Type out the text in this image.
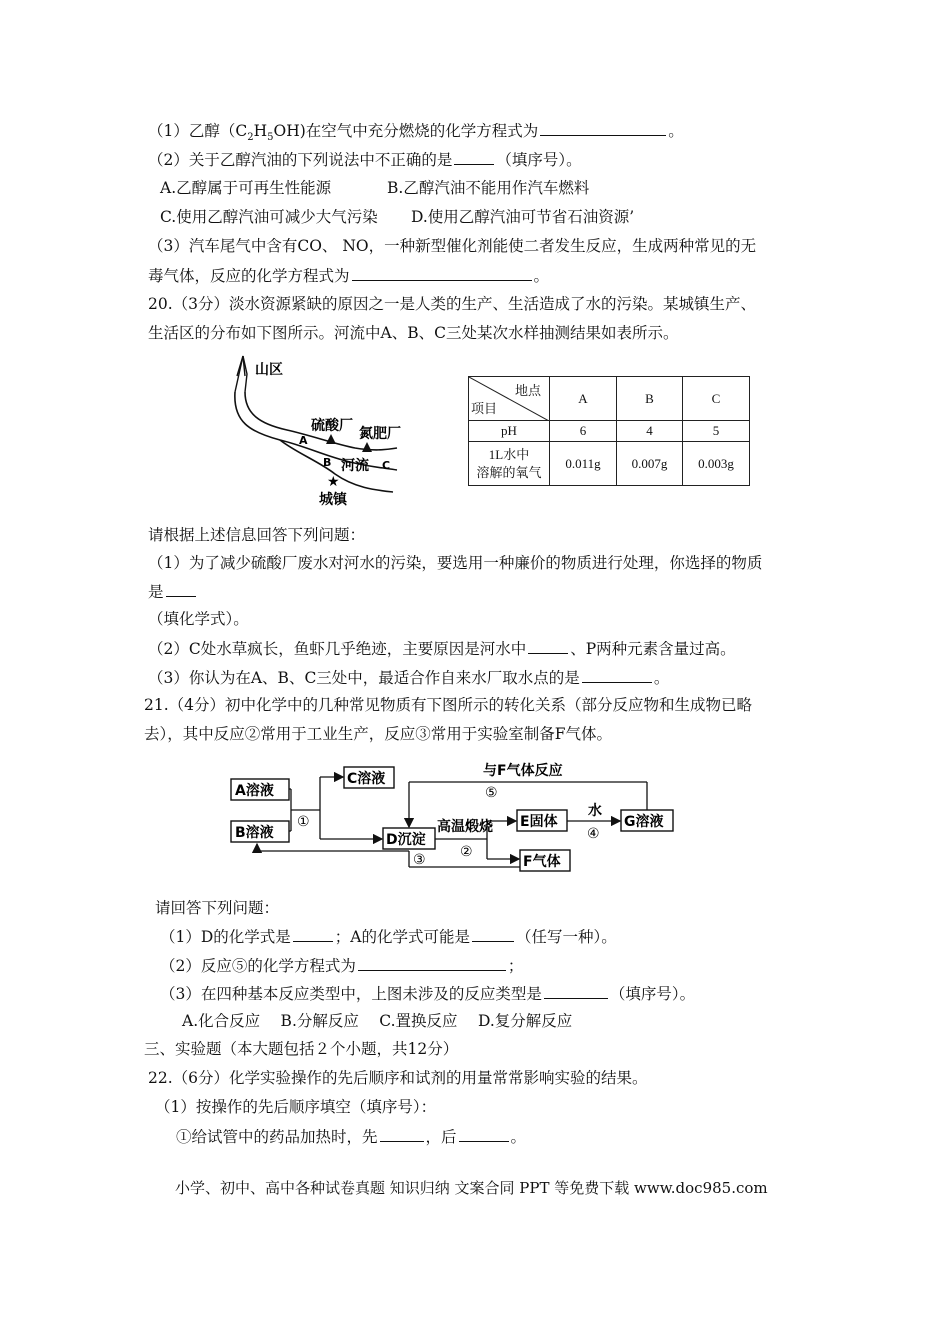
（1）乙醇$(C_2H_5OH)$在空气中充分燃烧的化学方程式为	。
（2）关于乙醇汽油的下列说法中不正确的是	（填序号）。
A.乙醇属于可再生性能源	B.乙醇汽油不能用作汽车燃料
C.使用乙醇汽油可减少大气污染 D.使用乙醇汽油可节省石油资源’
（3）汽车尾气中含有CO、 NO，一种新型催化剂能使二者发生反应，生成两种常见的无
毒气体，反应的化学方程式为	。
20.（3分）淡水资源紧缺的原因之一是人类的生产、生活造成了水的污染。某城镇生产、
生活区的分布如下图所示。河流中A、B、C三处某次水样抽测结果如表所示。
山区
硫酸厂 氮肥厂
A
B 河流 C
★
城镇
地点
项目	A	B	C
pH	6	4	5

1L水中
溶解的氧气	0.011g	0.007g	0.003g
请根据上述信息回答下列问题：
（1）为了减少硫酸厂废水对河水的污染，要选用一种廉价的物质进行处理，你选择的物质
是
（填化学式）。
（2）C处水草疯长，鱼虾几乎绝迹，主要原因是河水中	、P两种元素含量过高。
（3）你认为在A、B、C三处中，最适合作自来水厂取水点的是	。
21.（4分）初中化学中的几种常见物质有下图所示的转化关系（部分反应物和生成物已略
去），其中反应②常用于工业生产，反应③常用于实验室制备F气体。
A溶液
B溶液
C溶液
D沉淀
E固体
F气体
G溶液
①	高温煅烧
②
水
④
与F气体反应
⑤
③
请回答下列问题：
（1）D的化学式是	；A的化学式可能是	（任写一种）。
（2）反应⑤的化学方程式为	；
（3）在四种基本反应类型中，上图未涉及的反应类型是	（填序号）。
A.化合反应　 B.分解反应　 C.置换反应　 D.复分解反应
三、实验题（本大题包括２个小题，共12分）
22.（6分）化学实验操作的先后顺序和试剂的用量常常影响实验的结果。
（1）按操作的先后顺序填空（填序号）：
①给试管中的药品加热时，先	，后	。
小学、初中、高中各种试卷真题 知识归纳 文案合同 PPT 等免费下载 www.doc985.com
